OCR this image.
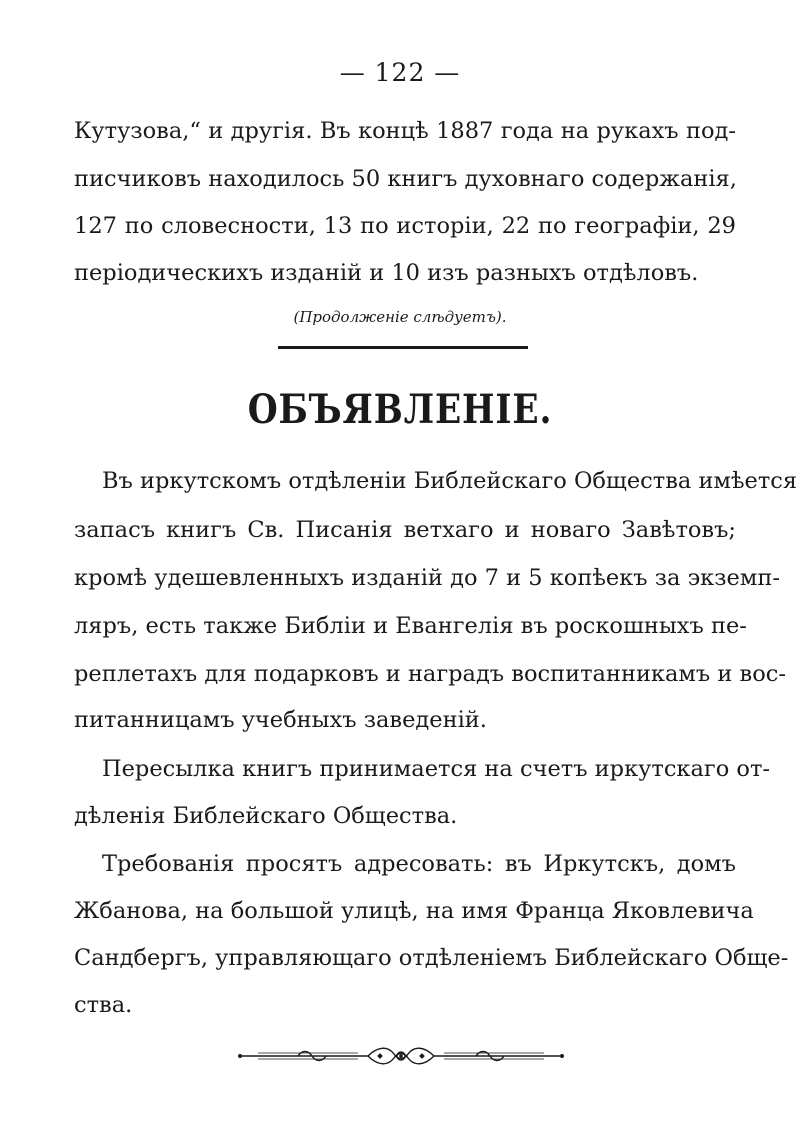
— 122 —
Кутузова,“ и другія. Въ концѣ 1887 года на рукахъ под-
писчиковъ находилось 50 книгъ духовнаго содержанія,
127 по словесности, 13 по исторіи, 22 по географіи, 29
періодическихъ изданій и 10 изъ разныхъ отдѣловъ.
(Продолженіе слѣдуетъ).
ОБЪЯВЛЕНІЕ.
Въ иркутскомъ отдѣленіи Библейскаго Общества имѣется
запасъ книгъ Св. Писанія ветхаго и новаго Завѣтовъ;
кромѣ удешевленныхъ изданій до 7 и 5 копѣекъ за экземп-
ляръ, есть также Библіи и Евангелія въ роскошныхъ пе-
реплетахъ для подарковъ и наградъ воспитанникамъ и вос-
питанницамъ учебныхъ заведеній.
Пересылка книгъ принимается на счетъ иркутскаго от-
дѣленія Библейскаго Общества.
Требованія просятъ адресовать: въ Иркутскъ, домъ
Жбанова, на большой улицѣ, на имя Франца Яковлевича
Сандбергъ, управляющаго отдѣленіемъ Библейскаго Обще-
ства.
